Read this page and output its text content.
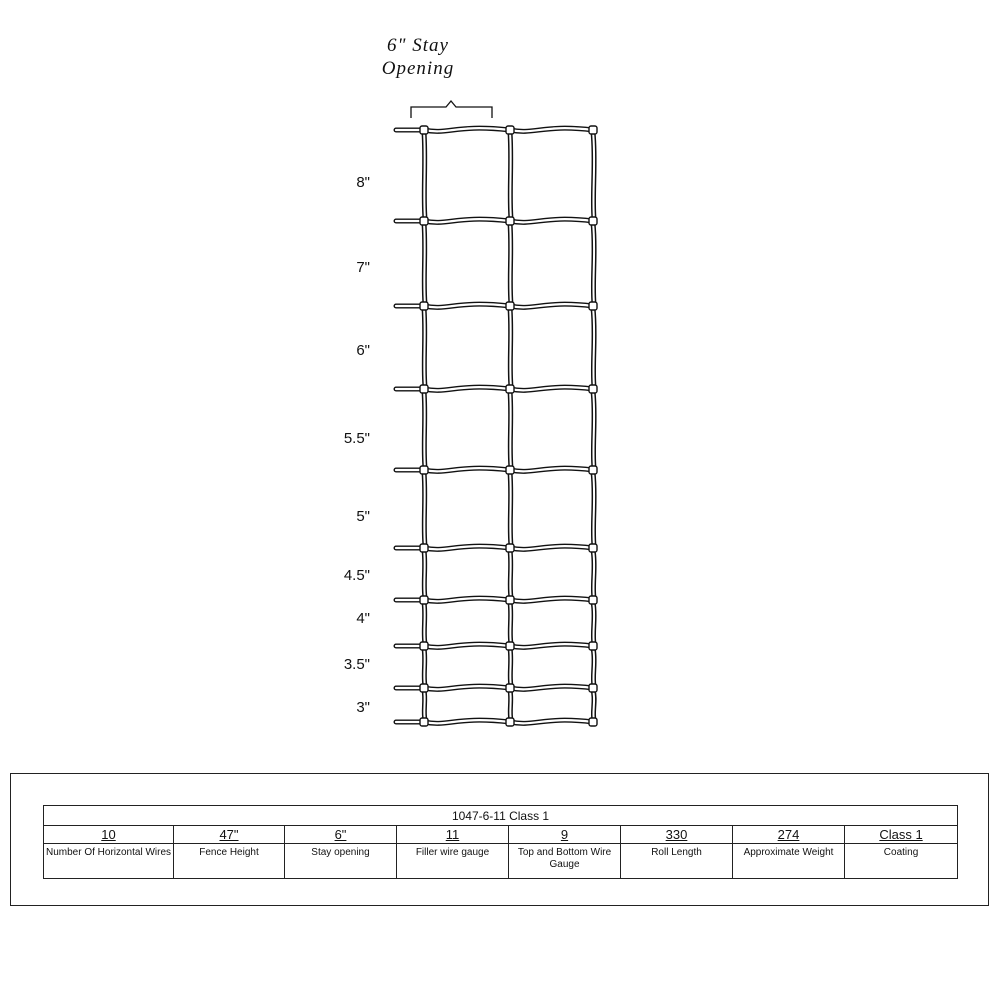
6" Stay
Opening
8"
7"
6"
5.5"
5"
4.5"
4"
3.5"
3"
1047-6-11 Class 1							
10	47"	6"	11	9	330	274	Class 1
Number Of Horizontal Wires	Fence Height	Stay opening	Filler wire gauge	Top and Bottom Wire Gauge	Roll Length	Approximate Weight	Coating
